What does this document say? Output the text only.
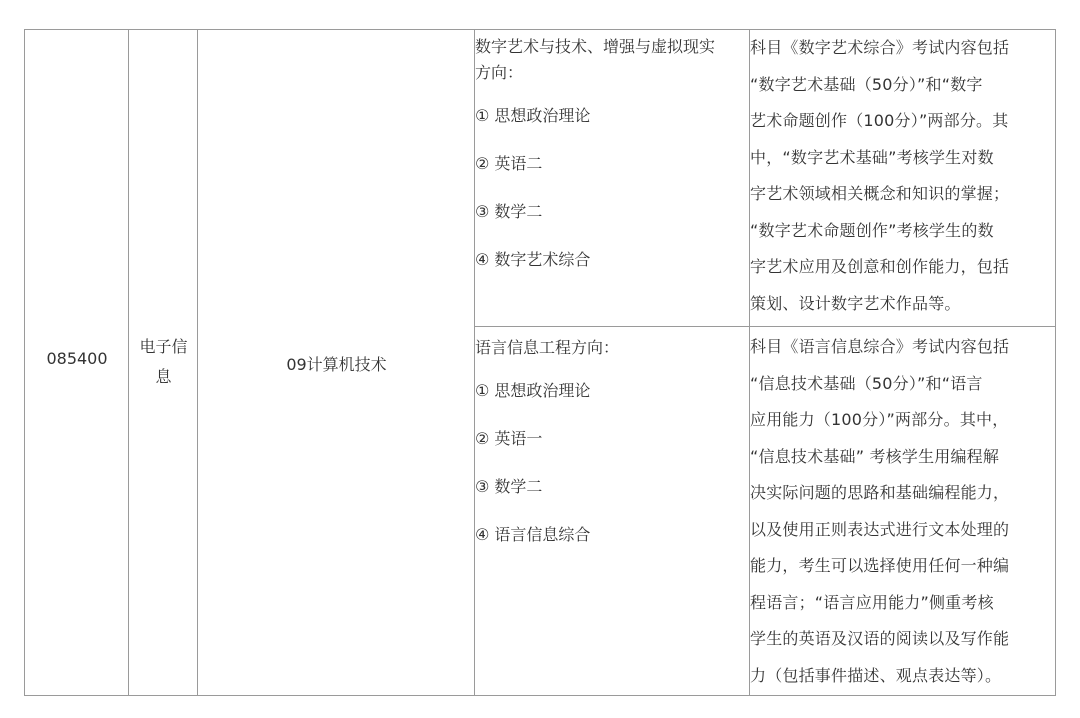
085400
电子信
息
09计算机技术
数字艺术与技术、增强与虚拟现实
方向：
① 思想政治理论
② 英语二
③ 数学二
④ 数字艺术综合
科目《数字艺术综合》考试内容包括
“数字艺术基础（50分）”和“数字
艺术命题创作（100分）”两部分。其
中，“数字艺术基础”考核学生对数
字艺术领域相关概念和知识的掌握；
“数字艺术命题创作”考核学生的数
字艺术应用及创意和创作能力，包括
策划、设计数字艺术作品等。
语言信息工程方向：
① 思想政治理论
② 英语一
③ 数学二
④ 语言信息综合
科目《语言信息综合》考试内容包括
“信息技术基础（50分）”和“语言
应用能力（100分）”两部分。其中，
“信息技术基础” 考核学生用编程解
决实际问题的思路和基础编程能力，
以及使用正则表达式进行文本处理的
能力，考生可以选择使用任何一种编
程语言；“语言应用能力”侧重考核
学生的英语及汉语的阅读以及写作能
力（包括事件描述、观点表达等）。
